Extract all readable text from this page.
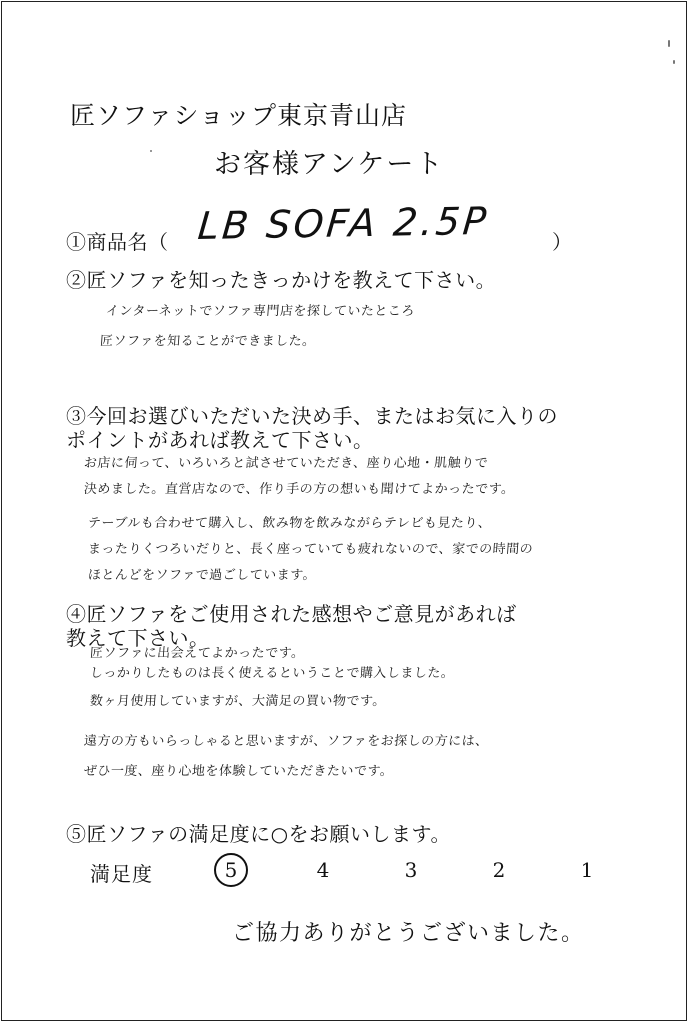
匠ソファショップ東京青山店
お客様アンケート
①商品名（ LB SOFA 2.5P	）
②匠ソファを知ったきっかけを教えて下さい。
インターネットでソファ専門店を探していたところ
匠ソファを知ることができました。
③今回お選びいただいた決め手、またはお気に入りの
ポイントがあれば教えて下さい。
お店に伺って、いろいろと試させていただき、座り心地・肌触りで
決めました。直営店なので、作り手の方の想いも聞けてよかったです。
テーブルも合わせて購入し、飲み物を飲みながらテレビも見たり、
まったりくつろいだりと、長く座っていても疲れないので、家での時間の
ほとんどをソファで過ごしています。
④匠ソファをご使用された感想やご意見があれば
教えて下さい。
匠ソファに出会えてよかったです。
しっかりしたものは長く使えるということで購入しました。
数ヶ月使用していますが、大満足の買い物です。
遠方の方もいらっしゃると思いますが、ソファをお探しの方には、
ぜひ一度、座り心地を体験していただきたいです。
⑤匠ソファの満足度に○をお願いします。
満足度	5	4	3	2	1
ご協力ありがとうございました。
